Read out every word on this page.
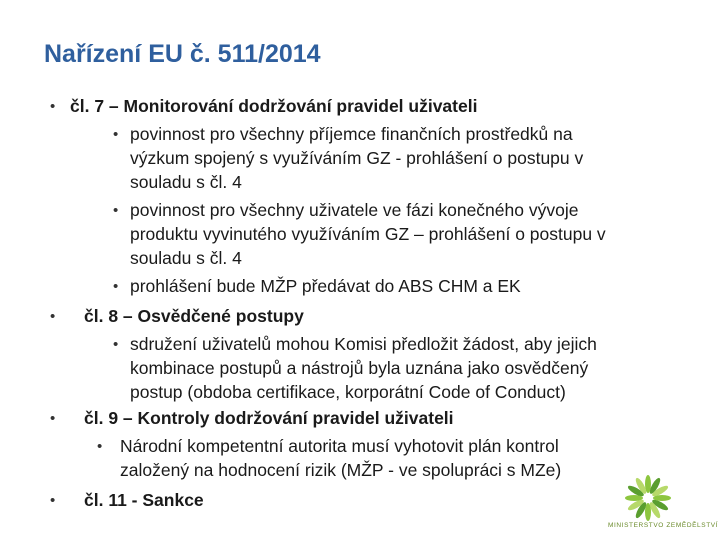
Nařízení EU č. 511/2014
• čl. 7 – Monitorování dodržování pravidel uživateli
• povinnost pro všechny příjemce finančních prostředků na
výzkum spojený s využíváním GZ - prohlášení o postupu v
souladu s čl. 4
• povinnost pro všechny uživatele ve fázi konečného vývoje
produktu vyvinutého využíváním GZ – prohlášení o postupu v
souladu s čl. 4
• prohlášení bude MŽP předávat do ABS CHM a EK
• čl. 8 – Osvědčené postupy
• sdružení uživatelů mohou Komisi předložit žádost, aby jejich
kombinace postupů a nástrojů byla uznána jako osvědčený
postup (obdoba certifikace, korporátní Code of Conduct)
• čl. 9 – Kontroly dodržování pravidel uživateli
• Národní kompetentní autorita musí vyhotovit plán kontrol
založený na hodnocení rizik (MŽP - ve spolupráci s MZe)
• čl. 11 - Sankce
MINISTERSTVO ZEMĚDĚLSTVÍ
